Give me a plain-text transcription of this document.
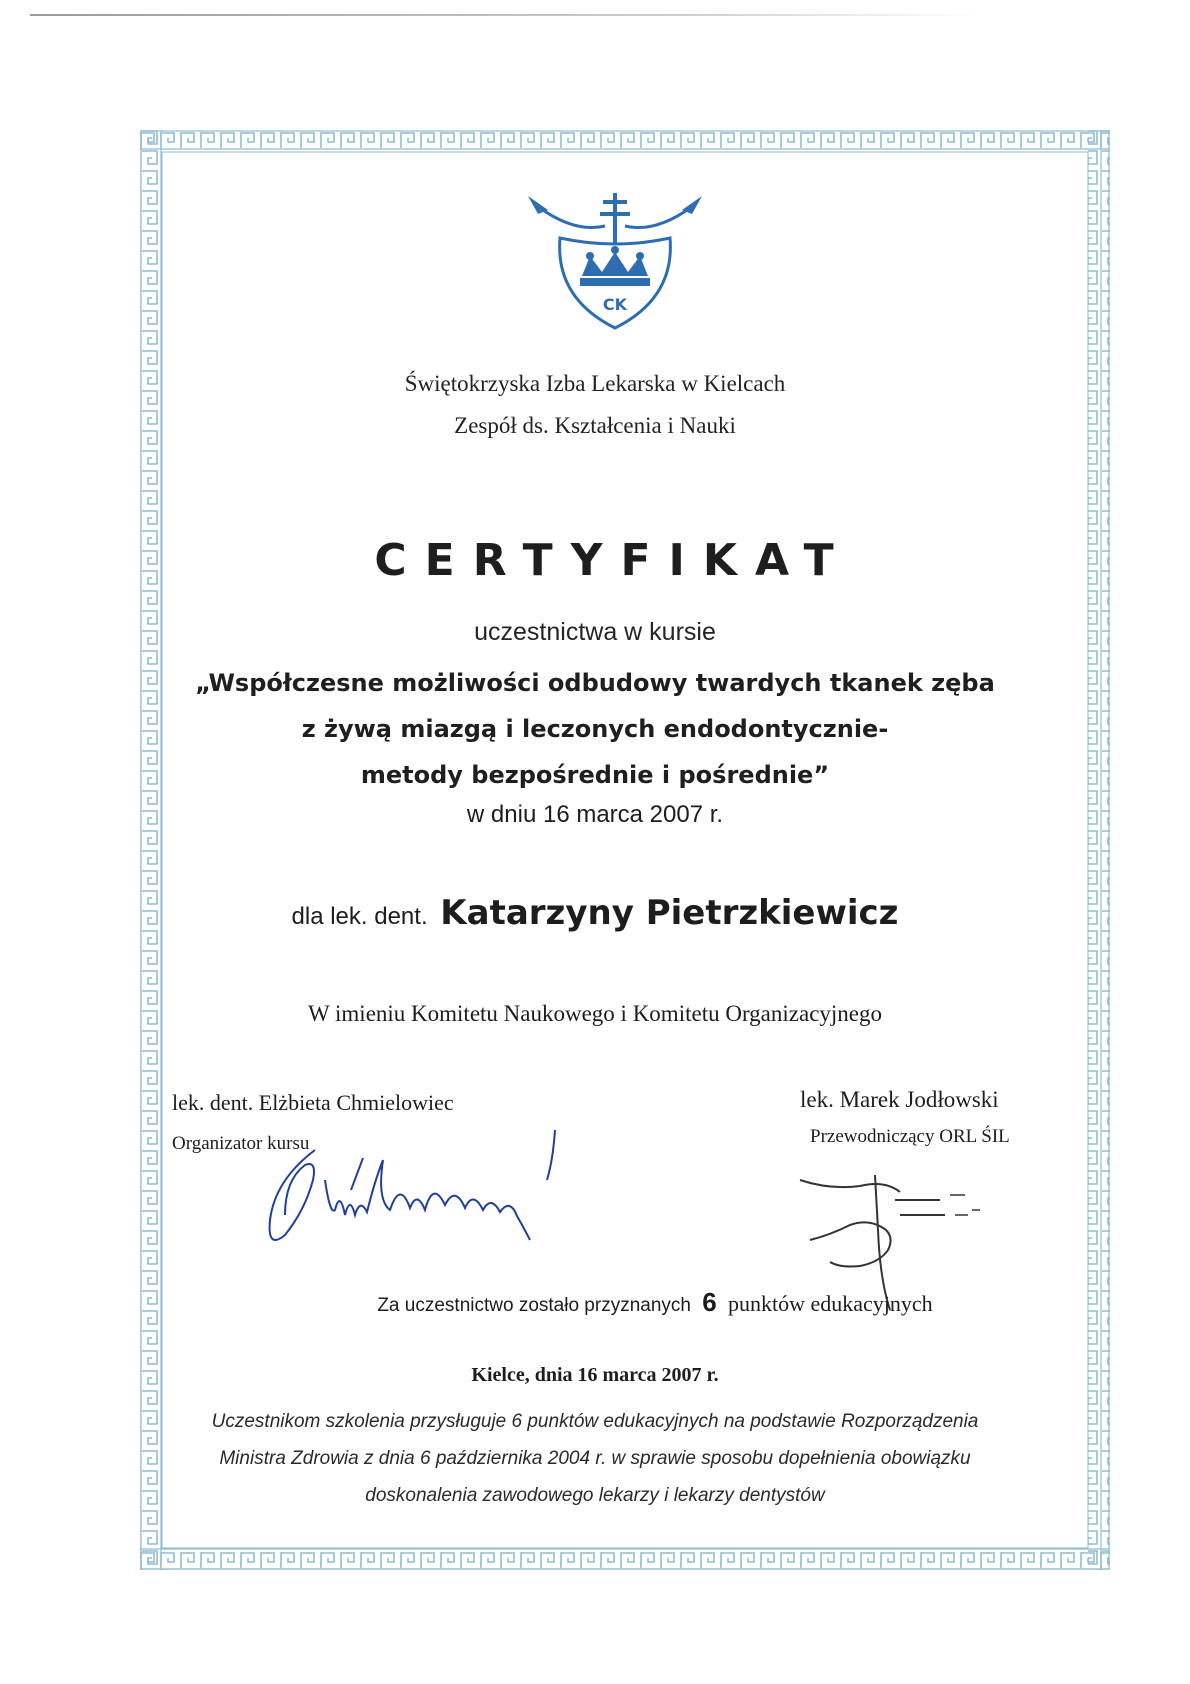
CK
Świętokrzyska Izba Lekarska w Kielcach
Zespół ds. Kształcenia i Nauki
CERTYFIKAT
uczestnictwa w kursie
„Współczesne możliwości odbudowy twardych tkanek zęba
z żywą miazgą i leczonych endodontycznie-
metody bezpośrednie i pośrednie”
w dniu 16 marca 2007 r.
dla lek. dent. Katarzyny Pietrzkiewicz
W imieniu Komitetu Naukowego i Komitetu Organizacyjnego
lek. dent. Elżbieta Chmielowiec
Organizator kursu
lek. Marek Jodłowski
Przewodniczący ORL ŚIL
Za uczestnictwo zostało przyznanych 6 punktów edukacyjnych
Kielce, dnia 16 marca 2007 r.
Uczestnikom szkolenia przysługuje 6 punktów edukacyjnych na podstawie Rozporządzenia
Ministra Zdrowia z dnia 6 października 2004 r. w sprawie sposobu dopełnienia obowiązku
doskonalenia zawodowego lekarzy i lekarzy dentystów
